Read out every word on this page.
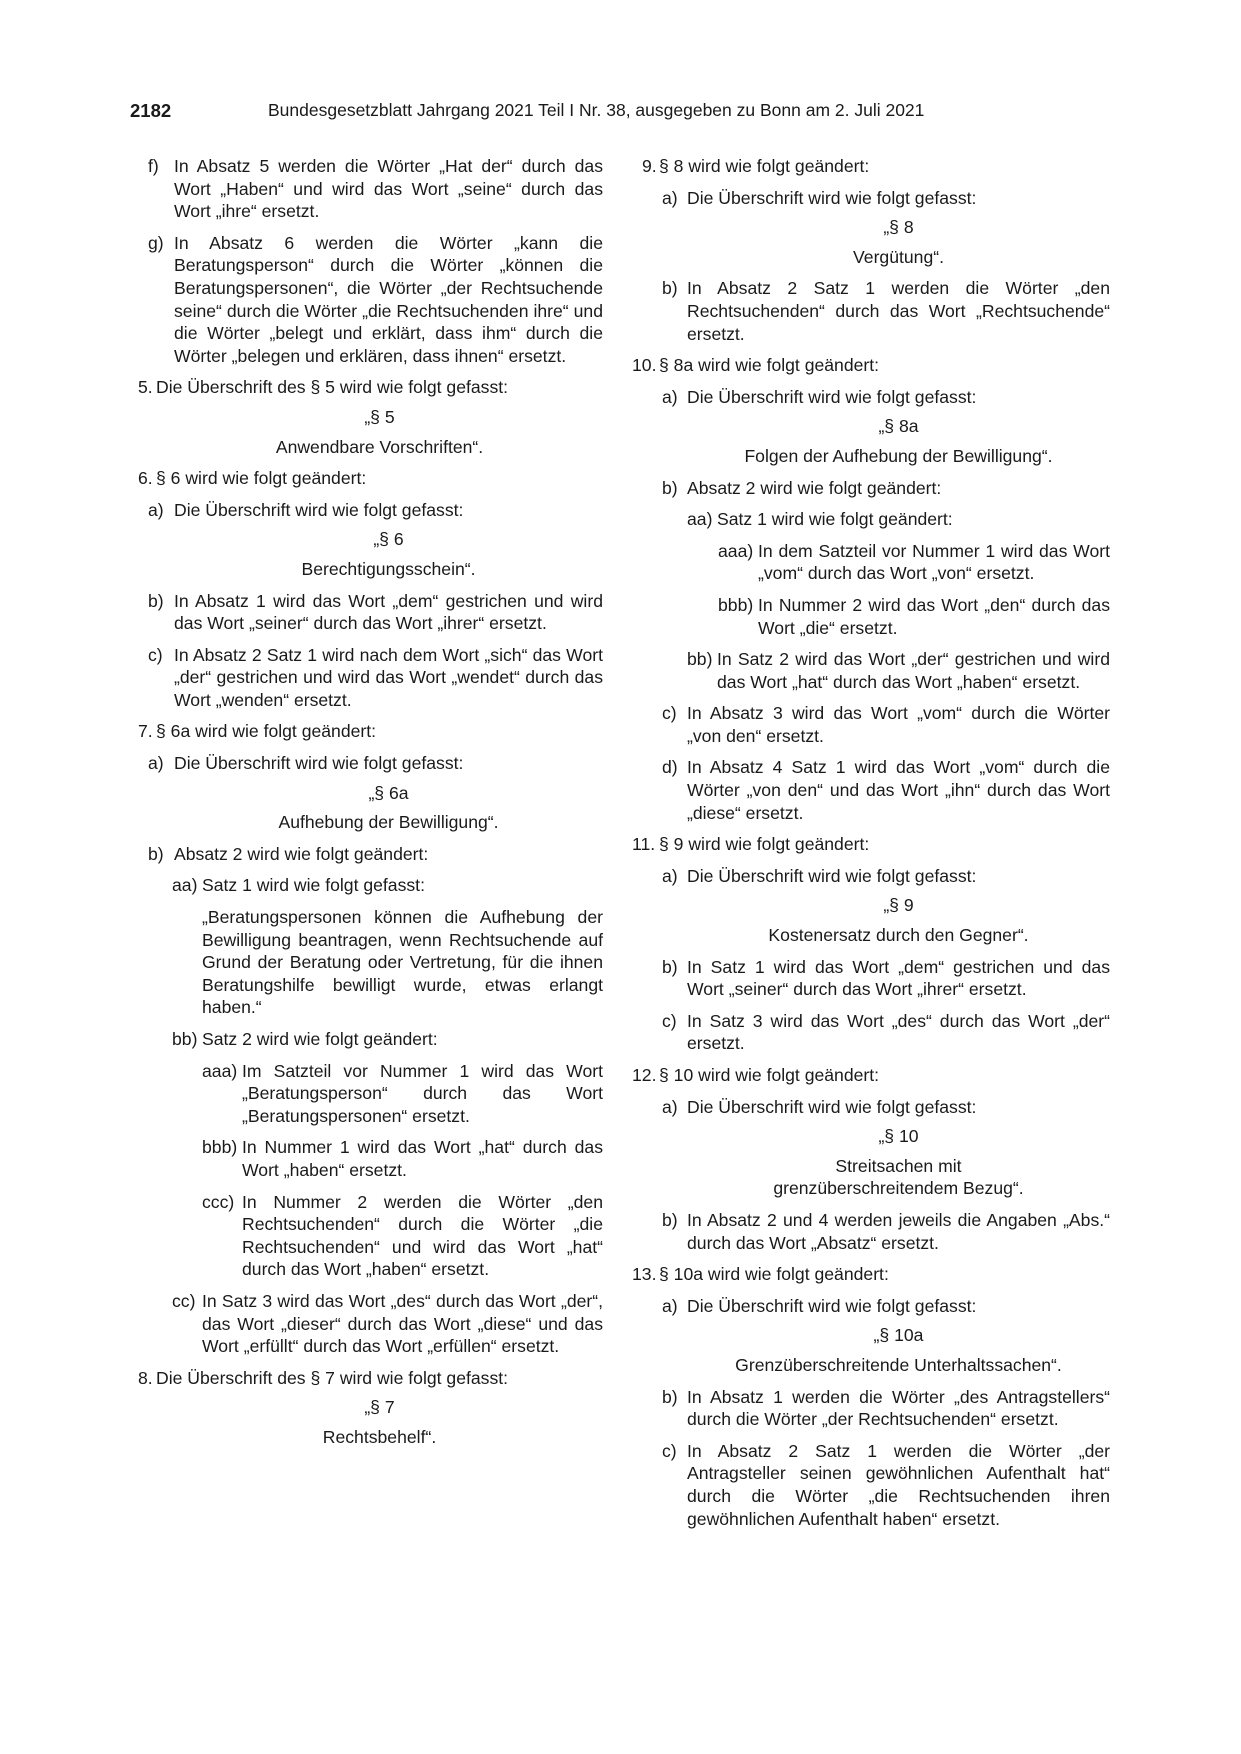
2182	Bundesgesetzblatt Jahrgang 2021 Teil I Nr. 38, ausgegeben zu Bonn am 2. Juli 2021
f) In Absatz 5 werden die Wörter „Hat der“ durch das Wort „Haben“ und wird das Wort „seine“ durch das Wort „ihre“ ersetzt.
g) In Absatz 6 werden die Wörter „kann die Beratungsperson“ durch die Wörter „können die Beratungspersonen“, die Wörter „der Rechtsuchende seine“ durch die Wörter „die Rechtsuchenden ihre“ und die Wörter „belegt und erklärt, dass ihm“ durch die Wörter „belegen und erklären, dass ihnen“ ersetzt.
5. Die Überschrift des § 5 wird wie folgt gefasst:

„§ 5

Anwendbare Vorschriften“.

6. § 6 wird wie folgt geändert:
a) Die Überschrift wird wie folgt gefasst:

„§ 6

Berechtigungsschein“.

b) In Absatz 1 wird das Wort „dem“ gestrichen und wird das Wort „seiner“ durch das Wort „ihrer“ ersetzt.
c) In Absatz 2 Satz 1 wird nach dem Wort „sich“ das Wort „der“ gestrichen und wird das Wort „wendet“ durch das Wort „wenden“ ersetzt.
7. § 6a wird wie folgt geändert:
a) Die Überschrift wird wie folgt gefasst:

„§ 6a

Aufhebung der Bewilligung“.

b) Absatz 2 wird wie folgt geändert:
aa) Satz 1 wird wie folgt gefasst:
„Beratungspersonen können die Aufhebung der Bewilligung beantragen, wenn Rechtsuchende auf Grund der Beratung oder Vertretung, für die ihnen Beratungshilfe bewilligt wurde, etwas erlangt haben.“
bb) Satz 2 wird wie folgt geändert:
aaa) Im Satzteil vor Nummer 1 wird das Wort „Beratungsperson“ durch das Wort „Beratungspersonen“ ersetzt.
bbb) In Nummer 1 wird das Wort „hat“ durch das Wort „haben“ ersetzt.
ccc) In Nummer 2 werden die Wörter „den Rechtsuchenden“ durch die Wörter „die Rechtsuchenden“ und wird das Wort „hat“ durch das Wort „haben“ ersetzt.
cc) In Satz 3 wird das Wort „des“ durch das Wort „der“, das Wort „dieser“ durch das Wort „diese“ und das Wort „erfüllt“ durch das Wort „erfüllen“ ersetzt.
8. Die Überschrift des § 7 wird wie folgt gefasst:

„§ 7

Rechtsbehelf“.

9. § 8 wird wie folgt geändert:
a) Die Überschrift wird wie folgt gefasst:

„§ 8

Vergütung“.

b) In Absatz 2 Satz 1 werden die Wörter „den Rechtsuchenden“ durch das Wort „Rechtsuchende“ ersetzt.
10. § 8a wird wie folgt geändert:
a) Die Überschrift wird wie folgt gefasst:

„§ 8a

Folgen der Aufhebung der Bewilligung“.

b) Absatz 2 wird wie folgt geändert:
aa) Satz 1 wird wie folgt geändert:
aaa) In dem Satzteil vor Nummer 1 wird das Wort „vom“ durch das Wort „von“ ersetzt.
bbb) In Nummer 2 wird das Wort „den“ durch das Wort „die“ ersetzt.
bb) In Satz 2 wird das Wort „der“ gestrichen und wird das Wort „hat“ durch das Wort „haben“ ersetzt.
c) In Absatz 3 wird das Wort „vom“ durch die Wörter „von den“ ersetzt.
d) In Absatz 4 Satz 1 wird das Wort „vom“ durch die Wörter „von den“ und das Wort „ihn“ durch das Wort „diese“ ersetzt.
11. § 9 wird wie folgt geändert:
a) Die Überschrift wird wie folgt gefasst:

„§ 9

Kostenersatz durch den Gegner“.

b) In Satz 1 wird das Wort „dem“ gestrichen und das Wort „seiner“ durch das Wort „ihrer“ ersetzt.
c) In Satz 3 wird das Wort „des“ durch das Wort „der“ ersetzt.
12. § 10 wird wie folgt geändert:
a) Die Überschrift wird wie folgt gefasst:

„§ 10

Streitsachen mit

grenzüberschreitendem Bezug“.

b) In Absatz 2 und 4 werden jeweils die Angaben „Abs.“ durch das Wort „Absatz“ ersetzt.
13. § 10a wird wie folgt geändert:
a) Die Überschrift wird wie folgt gefasst:

„§ 10a

Grenzüberschreitende Unterhaltssachen“.

b) In Absatz 1 werden die Wörter „des Antragstellers“ durch die Wörter „der Rechtsuchenden“ ersetzt.
c) In Absatz 2 Satz 1 werden die Wörter „der Antragsteller seinen gewöhnlichen Aufenthalt hat“ durch die Wörter „die Rechtsuchenden ihren gewöhnlichen Aufenthalt haben“ ersetzt.
